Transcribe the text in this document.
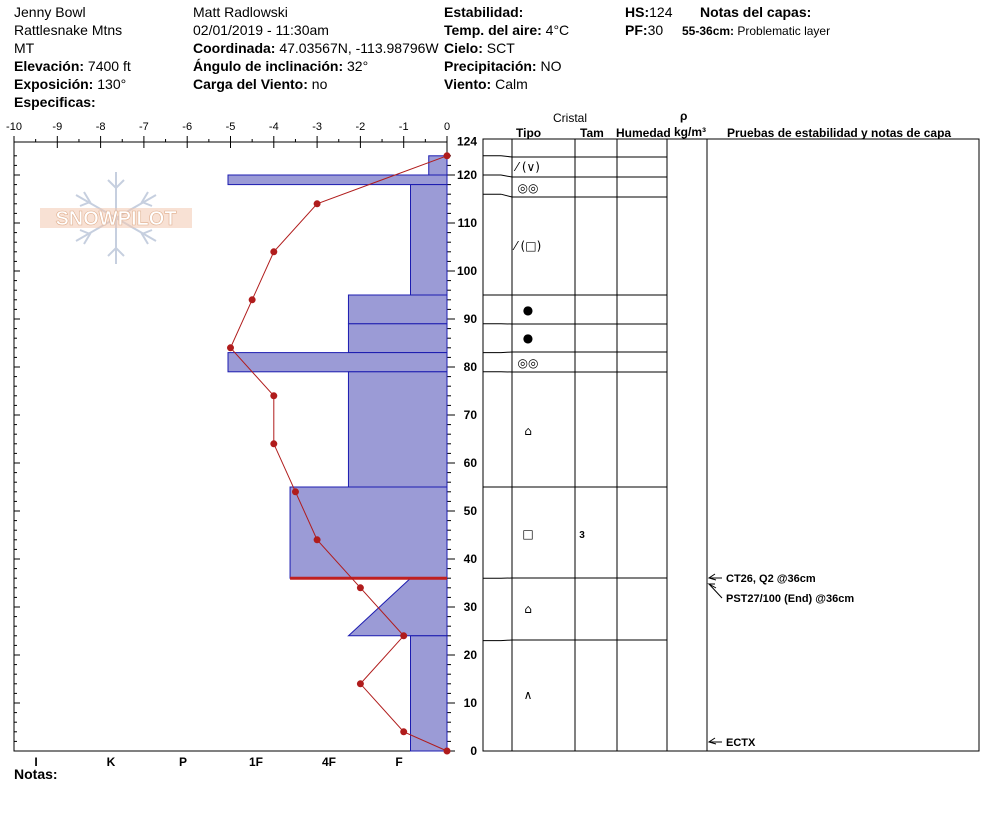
Jenny Bowl
Rattlesnake Mtns
MT
Elevación: 7400 ft
Exposición: 130°
Especificas:
Matt Radlowski
02/01/2019 - 11:30am
Coordinada: 47.03567N, -113.98796W
Ángulo de inclinación: 32°
Carga del Viento: no
Estabilidad:
Temp. del aire: 4°C
Cielo: SCT
Precipitación: NO
Viento: Calm
HS:124
PF:30
Notas del capas:
55-36cm: Problematic layer
Cristal
Tipo	Tam Humedad
ρ
kg/m³ Pruebas de estabilidad y notas de capa
SNOWPILOT
-10	-9	-8	-7	-6	-5	-4	-3	-2	-1	0
0
10
20
30
40
50
60
70
80
90
100
110
120
124
I	K	P	1F	4F	F
⁄ (∨)
◎◎
⁄ (□)
●
●
◎◎
⌂
□	3
⌂
∧
CT26, Q2 @36cm
PST27/100 (End) @36cm
ECTX
Notas:
